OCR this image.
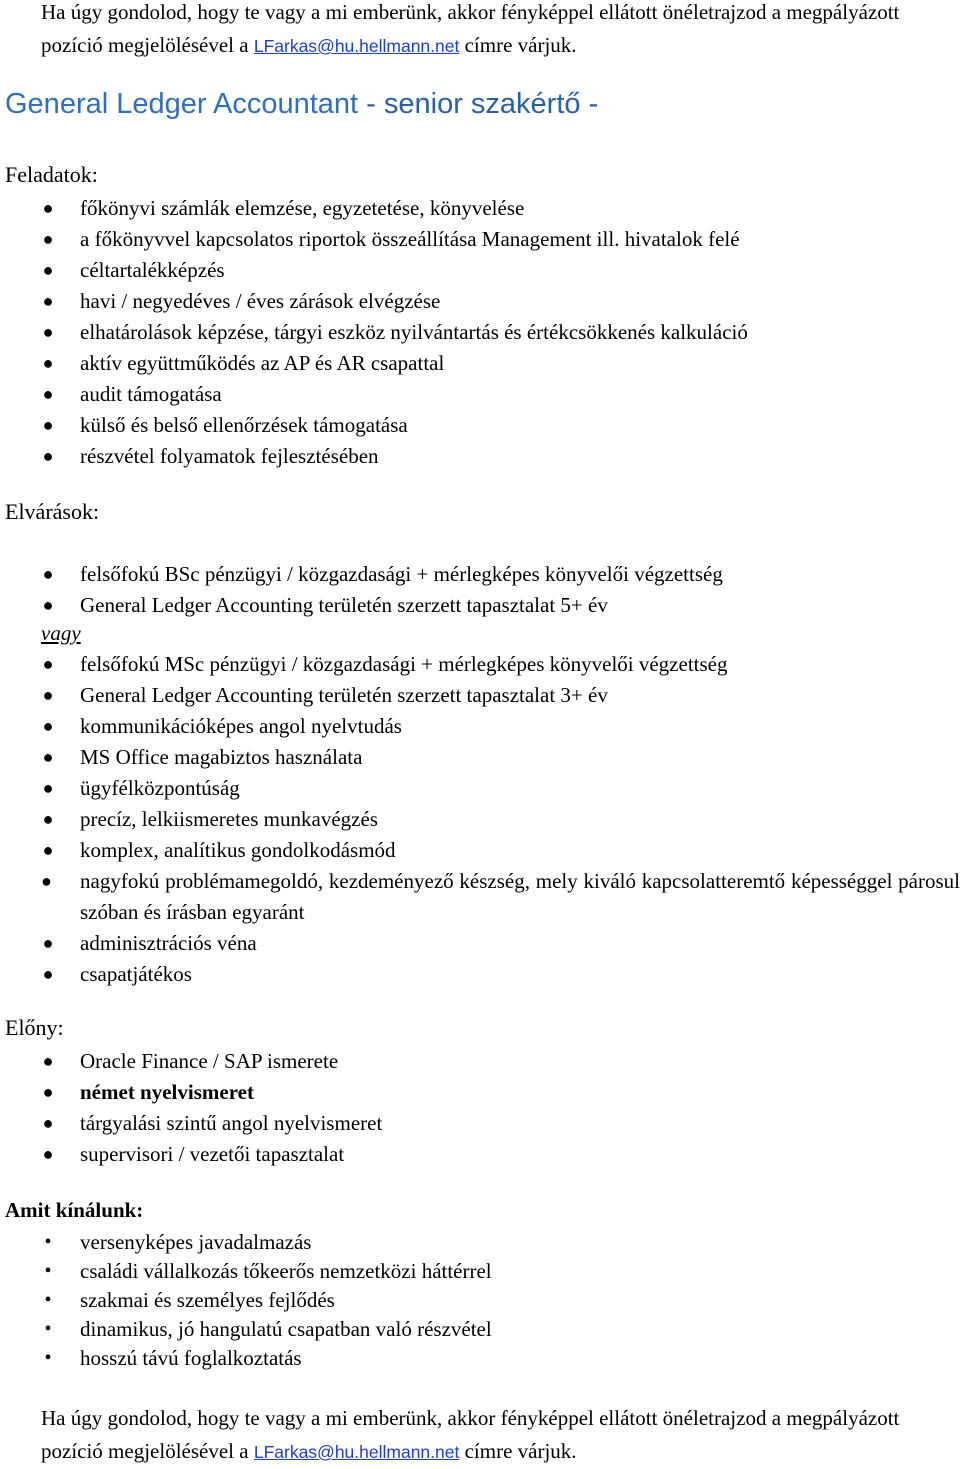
Ha úgy gondolod, hogy te vagy a mi emberünk, akkor fényképpel ellátott önéletrajzod a megpályázott pozíció megjelölésével a LFarkas@hu.hellmann.net címre várjuk.
General Ledger Accountant - senior szakértő -
Feladatok:
● főkönyvi számlák elemzése, egyzetetése, könyvelése
● a főkönyvvel kapcsolatos riportok összeállítása Management ill. hivatalok felé
● céltartalékképzés
● havi / negyedéves / éves zárások elvégzése
● elhatárolások képzése, tárgyi eszköz nyilvántartás és értékcsökkenés kalkuláció
● aktív együttműködés az AP és AR csapattal
● audit támogatása
● külső és belső ellenőrzések támogatása
● részvétel folyamatok fejlesztésében
Elvárások:
● felsőfokú BSc pénzügyi / közgazdasági + mérlegképes könyvelői végzettség
● General Ledger Accounting területén szerzett tapasztalat 5+ év
vagy
● felsőfokú MSc pénzügyi / közgazdasági + mérlegképes könyvelői végzettség
● General Ledger Accounting területén szerzett tapasztalat 3+ év
● kommunikációképes angol nyelvtudás
● MS Office magabiztos használata
● ügyfélközpontúság
● precíz, lelkiismeretes munkavégzés
● komplex, analítikus gondolkodásmód
● nagyfokú problémamegoldó, kezdeményező készség, mely kiváló kapcsolatteremtő képességgel párosul szóban és írásban egyaránt
● adminisztrációs véna
● csapatjátékos
Előny:
● Oracle Finance / SAP ismerete
● német nyelvismeret
● tárgyalási szintű angol nyelvismeret
● supervisori / vezetői tapasztalat
Amit kínálunk:
• versenyképes javadalmazás
• családi vállalkozás tőkeerős nemzetközi háttérrel
• szakmai és személyes fejlődés
• dinamikus, jó hangulatú csapatban való részvétel
• hosszú távú foglalkoztatás
Ha úgy gondolod, hogy te vagy a mi emberünk, akkor fényképpel ellátott önéletrajzod a megpályázott pozíció megjelölésével a LFarkas@hu.hellmann.net címre várjuk.
